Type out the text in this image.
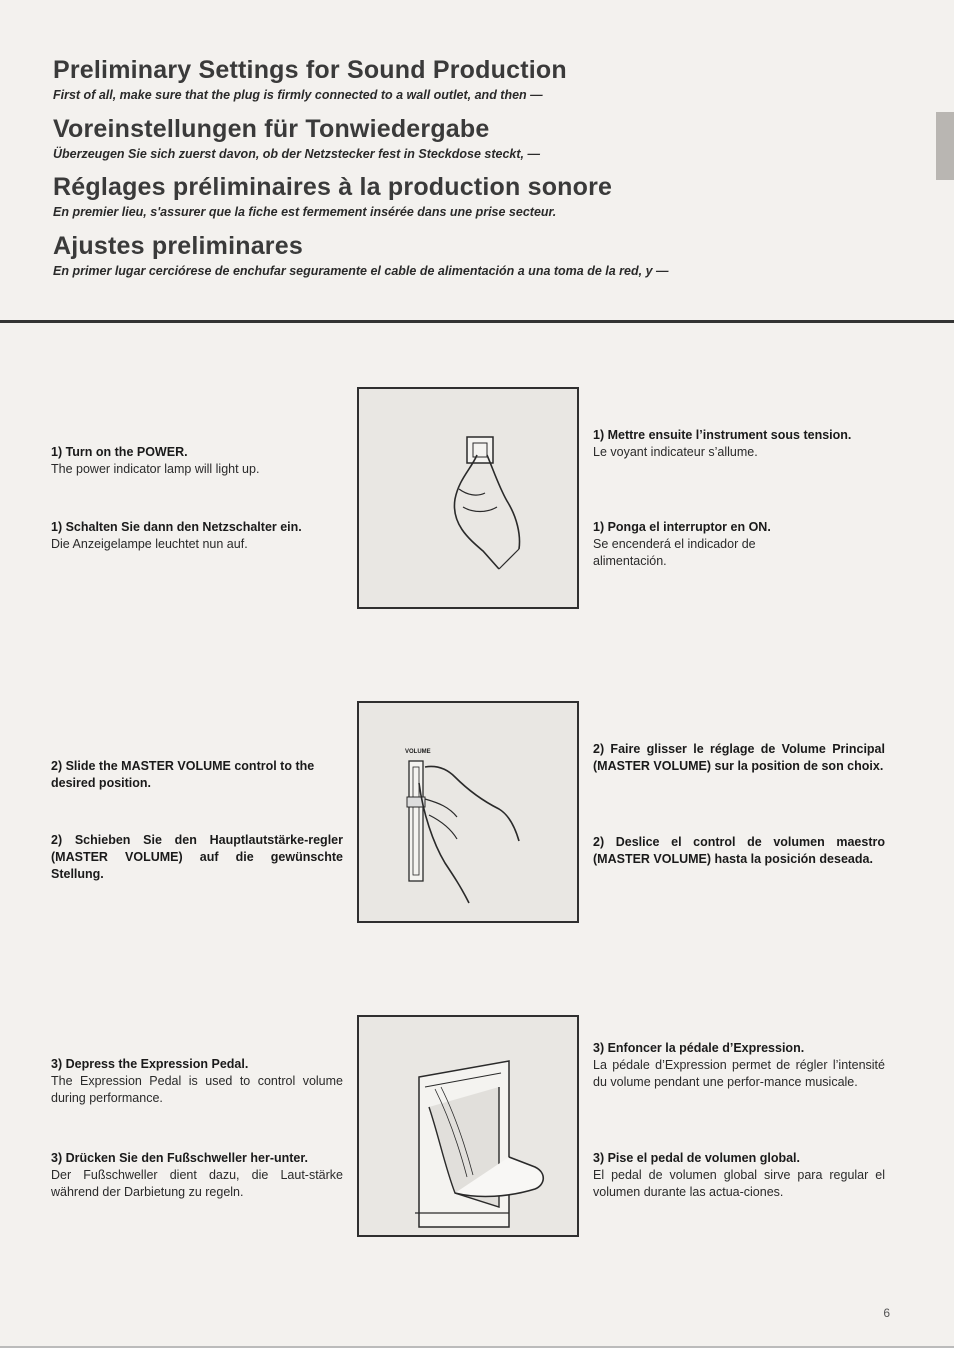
Preliminary Settings for Sound Production

First of all, make sure that the plug is firmly connected to a wall outlet, and then —

Voreinstellungen für Tonwiedergabe

Überzeugen Sie sich zuerst davon, ob der Netzstecker fest in Steckdose steckt, —

Réglages préliminaires à la production sonore

En premier lieu, s'assurer que la fiche est fermement insérée dans une prise secteur.

Ajustes preliminares

En primer lugar cerciórese de enchufar seguramente el cable de alimentación a una toma de la red, y —

1) Turn on the POWER.
The power indicator lamp will light up.
1) Schalten Sie dann den Netzschalter ein.
Die Anzeigelampe leuchtet nun auf.
1) Mettre ensuite l’instrument sous tension.
Le voyant indicateur s’allume.
1) Ponga el interruptor en ON.
Se encenderá el indicador de alimentación.
2) Slide the MASTER VOLUME control to the desired position.
2) Schieben Sie den Hauptlautstärke-regler (MASTER VOLUME) auf die gewünschte Stellung.
2) Faire glisser le réglage de Volume Principal (MASTER VOLUME) sur la position de son choix.
2) Deslice el control de volumen maestro (MASTER VOLUME) hasta la posición deseada.
VOLUME
3) Depress the Expression Pedal.
The Expression Pedal is used to control volume during performance.
3) Drücken Sie den Fußschweller her-unter.
Der Fußschweller dient dazu, die Laut-stärke während der Darbietung zu regeln.
3) Enfoncer la pédale d’Expression.
La pédale d’Expression permet de régler l’intensité du volume pendant une perfor-mance musicale.
3) Pise el pedal de volumen global.
El pedal de volumen global sirve para regular el volumen durante las actua-ciones.
6
